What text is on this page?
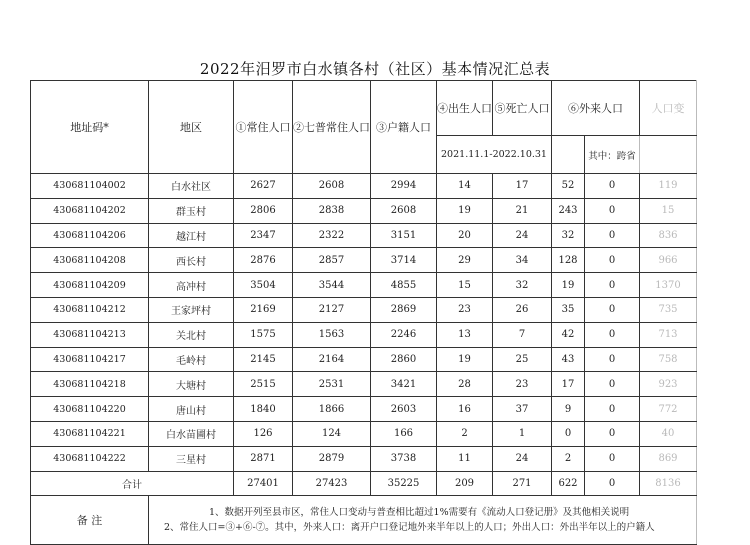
2022年汨罗市白水镇各村（社区）基本情况汇总表
地址码*	地区	①常住人口	②七普常住人口	③户籍人口	④出生人口	⑤死亡人口	⑥外来人口		人口变
					2021.11.1-2022.10.31			其中：跨省	
430681104002	白水社区	2627	2608	2994	14	17	52	0	119
430681104202	群玉村	2806	2838	2608	19	21	243	0	15
430681104206	越江村	2347	2322	3151	20	24	32	0	836
430681104208	西长村	2876	2857	3714	29	34	128	0	966
430681104209	高冲村	3504	3544	4855	15	32	19	0	1370
430681104212	王家坪村	2169	2127	2869	23	26	35	0	735
430681104213	关北村	1575	1563	2246	13	7	42	0	713
430681104217	毛岭村	2145	2164	2860	19	25	43	0	758
430681104218	大塘村	2515	2531	3421	28	23	17	0	923
430681104220	唐山村	1840	1866	2603	16	37	9	0	772
430681104221	白水苗圃村	126	124	166	2	1	0	0	40
430681104222	三星村	2871	2879	3738	11	24	2	0	869
合计		27401	27423	35225	209	271	622	0	8136
备 注	1、数据开列至县市区，常住人口变动与普查相比超过1%需要有《流动人口登记册》及其他相关说明
2、常住人口=③+⑥-⑦。其中，外来人口：离开户口登记地外来半年以上的人口；外出人口：外出半年以上的户籍人								
